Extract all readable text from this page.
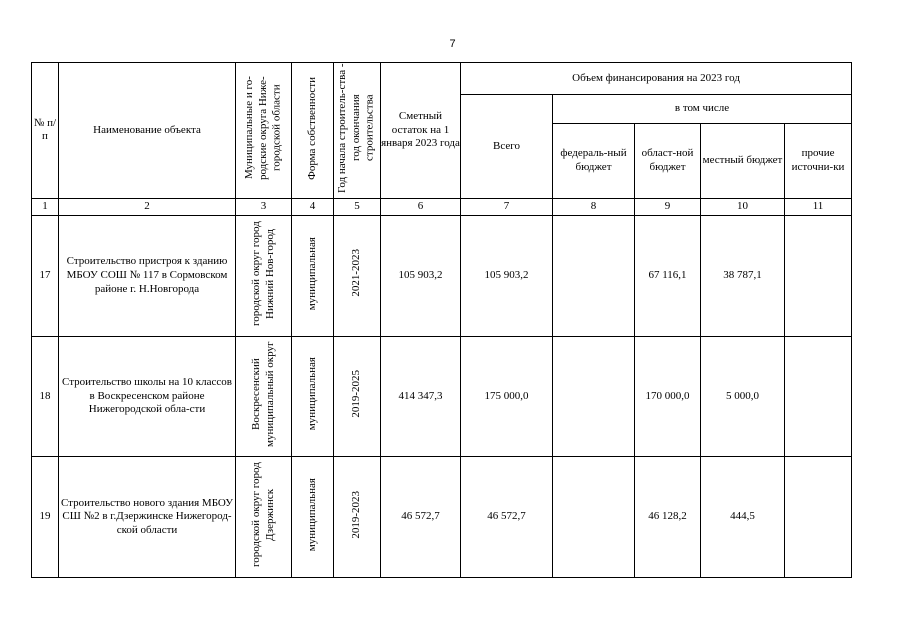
7
№ п/ п	Наименование объекта	Муниципальные и го-родские округа Ниже-городской области	Форма собственности	Год начала строитель-ства - год окончания строительства	Сметный остаток на 1 января 2023 года	Объем финансирования на 2023 год				
						Всего	в том числе			
							федераль-ный бюджет	област-ной бюджет	местный бюджет	прочие источни-ки
1	2	3	4	5	6	7	8	9	10	11
17	Строительство пристроя к зданию МБОУ СОШ № 117 в Сормовском районе г. Н.Новгорода	городской округ город Нижний Нов-город	муниципальная	2021-2023	105 903,2	105 903,2		67 116,1	38 787,1	
18	Строительство школы на 10 классов в Воскресенском районе Нижегородской обла-сти	Воскресенский муниципальный округ	муниципальная	2019-2025	414 347,3	175 000,0		170 000,0	5 000,0	
19	Строительство нового здания МБОУ СШ №2 в г.Дзержинске Нижегород-ской области	городской округ город Дзержинск	муниципальная	2019-2023	46 572,7	46 572,7		46 128,2	444,5	
